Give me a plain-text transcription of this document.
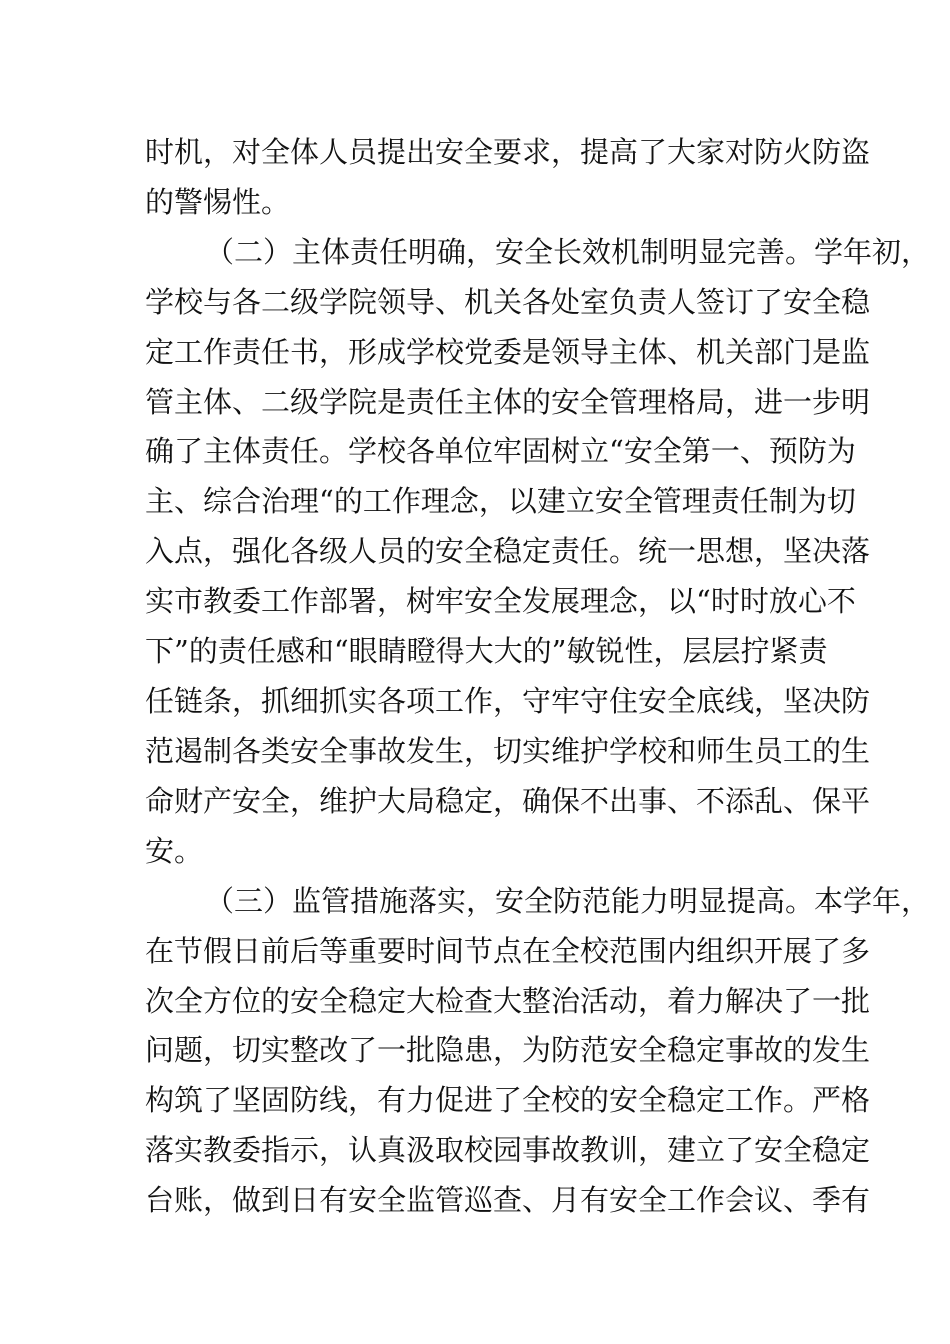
时机，对全体人员提出安全要求，提高了大家对防火防盗
的警惕性。
（二）主体责任明确，安全长效机制明显完善。学年初，
学校与各二级学院领导、机关各处室负责人签订了安全稳
定工作责任书，形成学校党委是领导主体、机关部门是监
管主体、二级学院是责任主体的安全管理格局，进一步明
确了主体责任。学校各单位牢固树立“安全第一、预防为
主、综合治理“的工作理念，以建立安全管理责任制为切
入点，强化各级人员的安全稳定责任。统一思想，坚决落
实市教委工作部署，树牢安全发展理念，以“时时放心不
下”的责任感和“眼睛瞪得大大的”敏锐性，层层拧紧责
任链条，抓细抓实各项工作，守牢守住安全底线，坚决防
范遏制各类安全事故发生，切实维护学校和师生员工的生
命财产安全，维护大局稳定，确保不出事、不添乱、保平
安。
（三）监管措施落实，安全防范能力明显提高。本学年，
在节假日前后等重要时间节点在全校范围内组织开展了多
次全方位的安全稳定大检查大整治活动，着力解决了一批
问题，切实整改了一批隐患，为防范安全稳定事故的发生
构筑了坚固防线，有力促进了全校的安全稳定工作。严格
落实教委指示，认真汲取校园事故教训，建立了安全稳定
台账，做到日有安全监管巡查、月有安全工作会议、季有
